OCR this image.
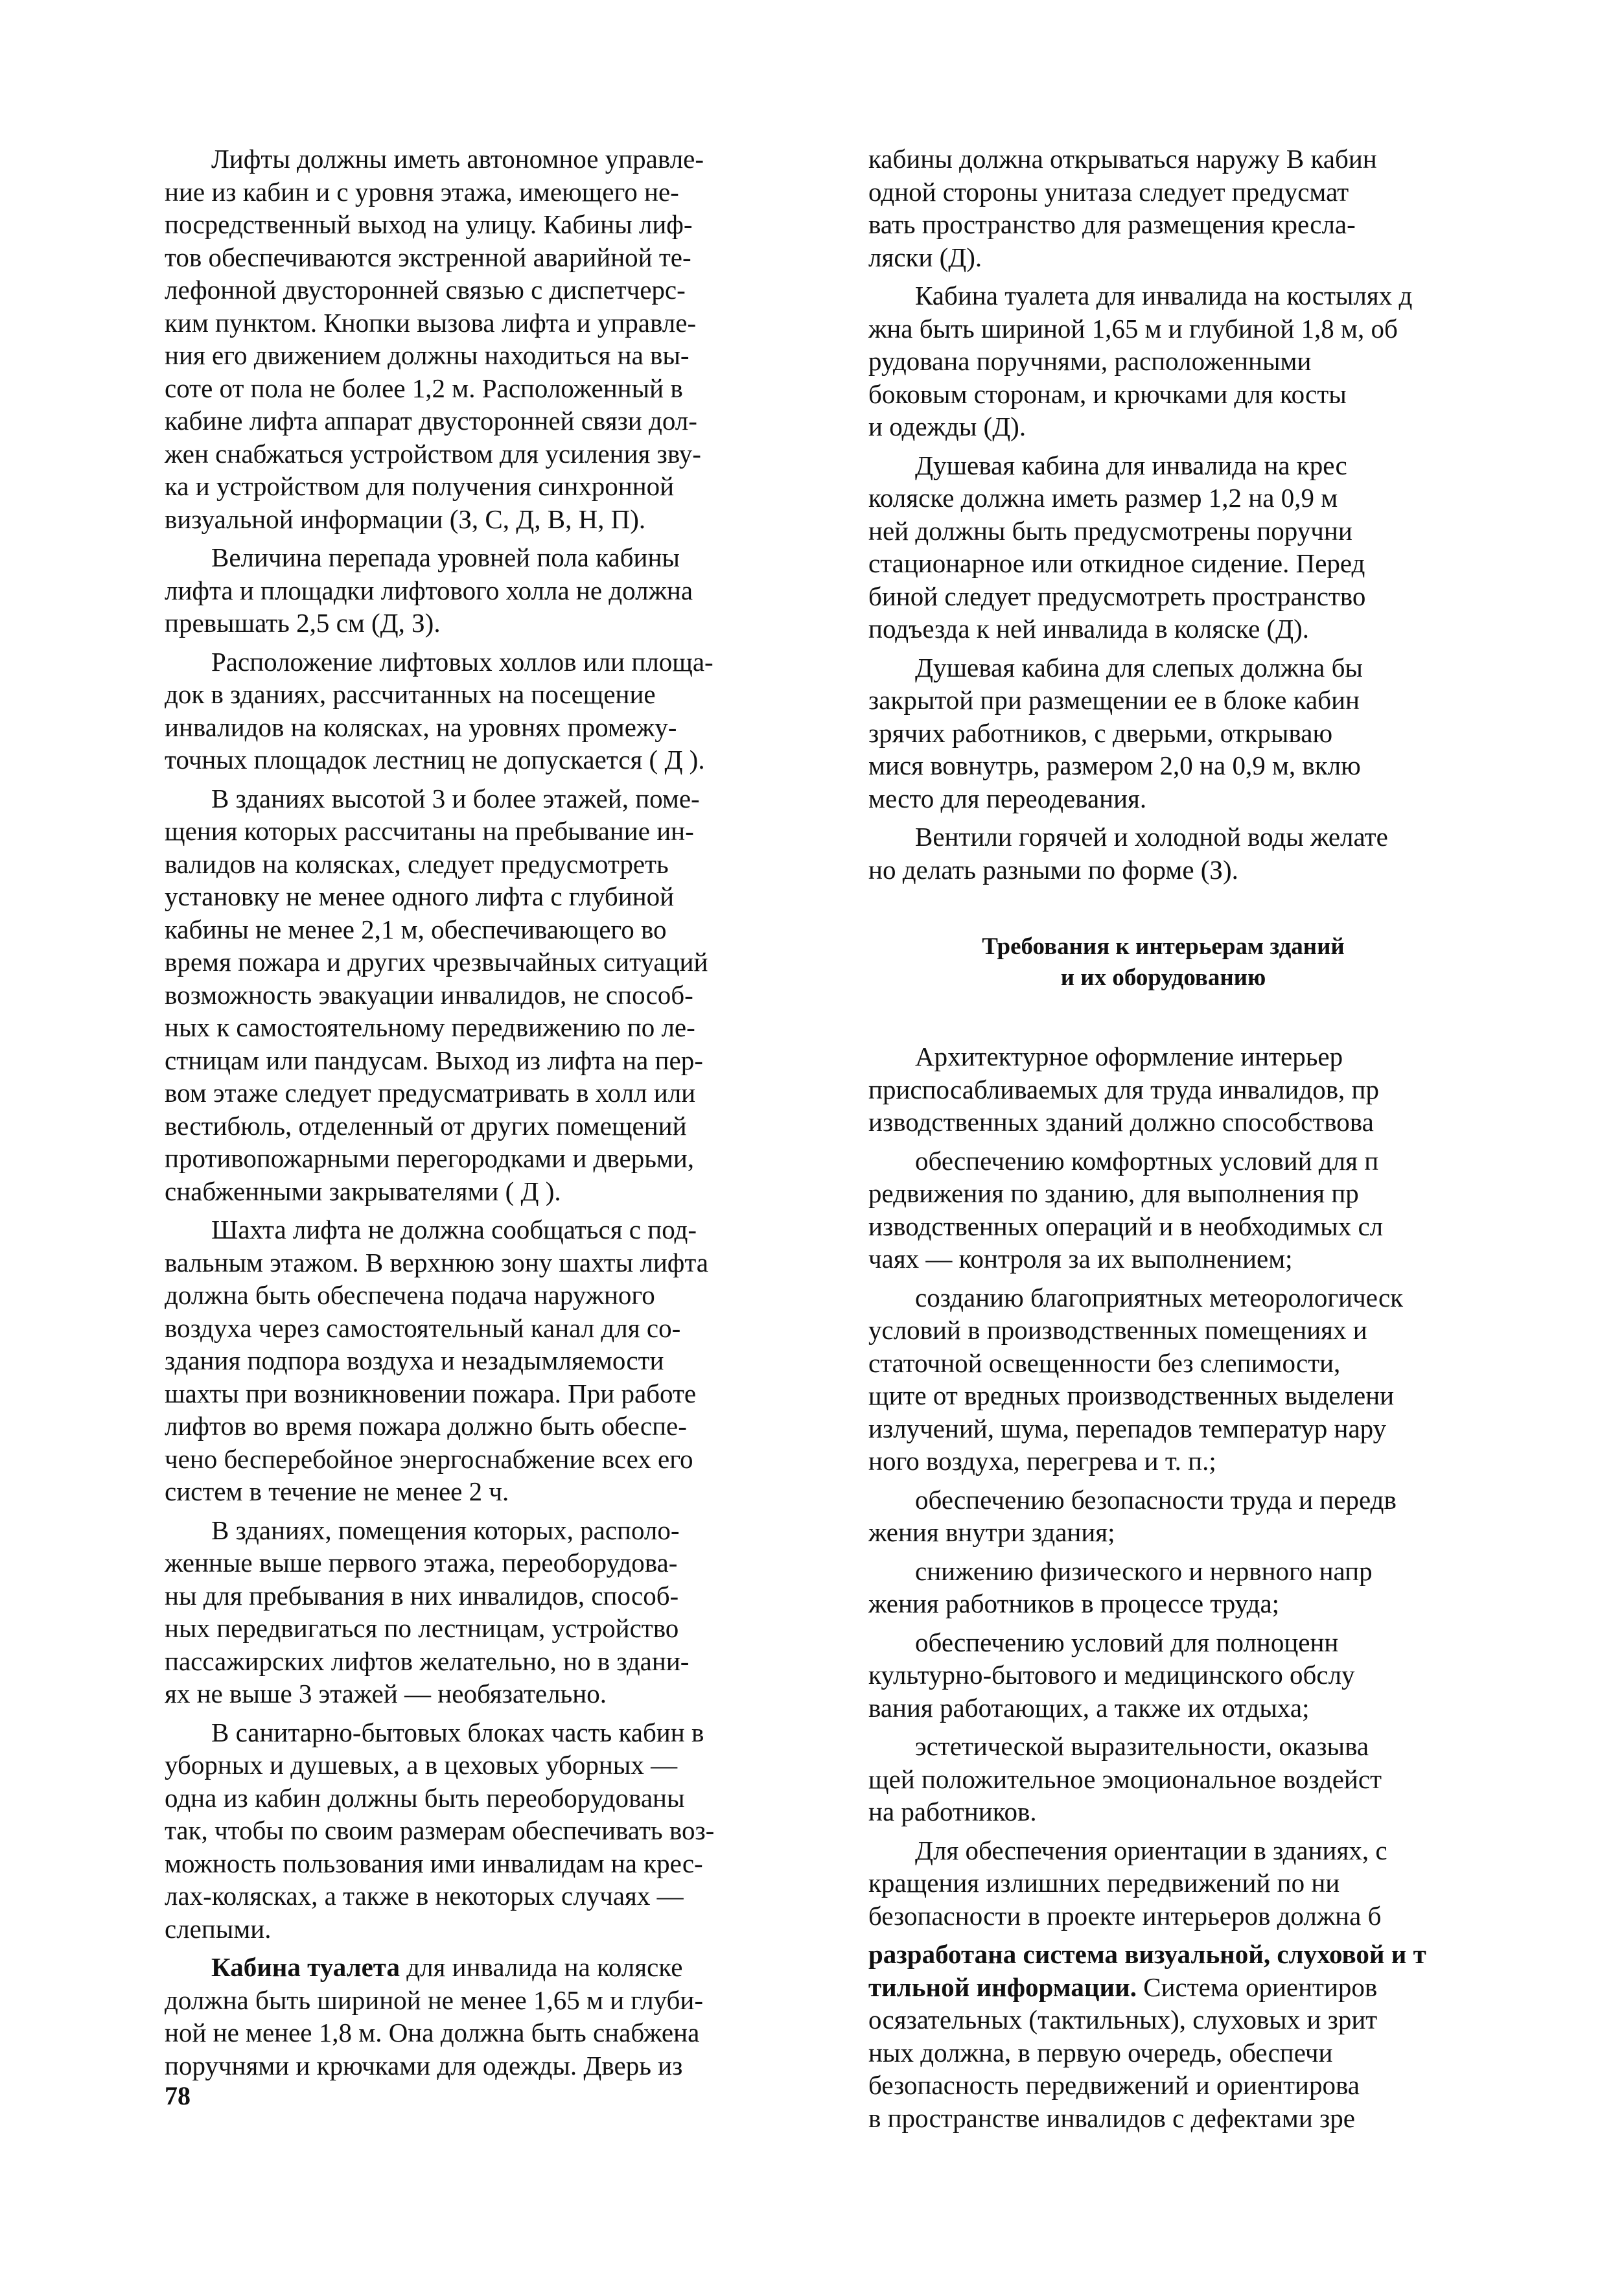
Лифты должны иметь автономное управле-
ние из кабин и с уровня этажа, имеющего не-
посредственный выход на улицу. Кабины лиф-
тов обеспечиваются экстренной аварийной те-
лефонной двусторонней связью с диспетчерс-
ким пунктом. Кнопки вызова лифта и управле-
ния его движением должны находиться на вы-
соте от пола не более 1,2 м. Расположенный в
кабине лифта аппарат двусторонней связи дол-
жен снабжаться устройством для усиления зву-
ка и устройством для получения синхронной
визуальной информации (З, С, Д, В, Н, П).
Величина перепада уровней пола кабины
лифта и площадки лифтового холла не должна
превышать 2,5 см (Д, З).
Расположение лифтовых холлов или площа-
док в зданиях, рассчитанных на посещение
инвалидов на колясках, на уровнях промежу-
точных площадок лестниц не допускается ( Д ).
В зданиях высотой 3 и более этажей, поме-
щения которых рассчитаны на пребывание ин-
валидов на колясках, следует предусмотреть
установку не менее одного лифта с глубиной
кабины не менее 2,1 м, обеспечивающего во
время пожара и других чрезвычайных ситуаций
возможность эвакуации инвалидов, не способ-
ных к самостоятельному передвижению по ле-
стницам или пандусам. Выход из лифта на пер-
вом этаже следует предусматривать в холл или
вестибюль, отделенный от других помещений
противопожарными перегородками и дверьми,
снабженными закрывателями ( Д ).
Шахта лифта не должна сообщаться с под-
вальным этажом. В верхнюю зону шахты лифта
должна быть обеспечена подача наружного
воздуха через самостоятельный канал для со-
здания подпора воздуха и незадымляемости
шахты при возникновении пожара. При работе
лифтов во время пожара должно быть обеспе-
чено бесперебойное энергоснабжение всех его
систем в течение не менее 2 ч.
В зданиях, помещения которых, располо-
женные выше первого этажа, переоборудова-
ны для пребывания в них инвалидов, способ-
ных передвигаться по лестницам, устройство
пассажирских лифтов желательно, но в здани-
ях не выше 3 этажей — необязательно.
В санитарно-бытовых блоках часть кабин в
уборных и душевых, а в цеховых уборных —
одна из кабин должны быть переоборудованы
так, чтобы по своим размерам обеспечивать воз-
можность пользования ими инвалидам на крес-
лах-колясках, а также в некоторых случаях —
слепыми.
Кабина туалета для инвалида на коляске
должна быть шириной не менее 1,65 м и глуби-
ной не менее 1,8 м. Она должна быть снабжена
поручнями и крючками для одежды. Дверь из
кабины должна открываться наружу В кабин
одной стороны унитаза следует предусмат
вать пространство для размещения кресла-
ляски (Д).
Кабина туалета для инвалида на костылях д
жна быть шириной 1,65 м и глубиной 1,8 м, об
рудована поручнями, расположенными
боковым сторонам, и крючками для косты
и одежды (Д).
Душевая кабина для инвалида на крес
коляске должна иметь размер 1,2 на 0,9 м
ней должны быть предусмотрены поручни
стационарное или откидное сидение. Перед
биной следует предусмотреть пространство
подъезда к ней инвалида в коляске (Д).
Душевая кабина для слепых должна бы
закрытой при размещении ее в блоке кабин
зрячих работников, с дверьми, открываю
мися вовнутрь, размером 2,0 на 0,9 м, вклю
место для переодевания.
Вентили горячей и холодной воды желате
но делать разными по форме (З).
Требования к интерьерам зданий
и их оборудованию
Архитектурное оформление интерьер
приспосабливаемых для труда инвалидов, пр
изводственных зданий должно способствова
обеспечению комфортных условий для п
редвижения по зданию, для выполнения пр
изводственных операций и в необходимых сл
чаях — контроля за их выполнением;
созданию благоприятных метеорологическ
условий в производственных помещениях и
статочной освещенности без слепимости,
щите от вредных производственных выделени
излучений, шума, перепадов температур нару
ного воздуха, перегрева и т. п.;
обеспечению безопасности труда и передв
жения внутри здания;
снижению физического и нервного напр
жения работников в процессе труда;
обеспечению условий для полноценн
культурно-бытового и медицинского обслу
вания работающих, а также их отдыха;
эстетической выразительности, оказыва
щей положительное эмоциональное воздейст
на работников.
Для обеспечения ориентации в зданиях, с
кращения излишних передвижений по ни
безопасности в проекте интерьеров должна б
разработана система визуальной, слуховой и т
тильной информации. Система ориентиров
осязательных (тактильных), слуховых и зрит
ных должна, в первую очередь, обеспечи
безопасность передвижений и ориентирова
в пространстве инвалидов с дефектами зре
78
